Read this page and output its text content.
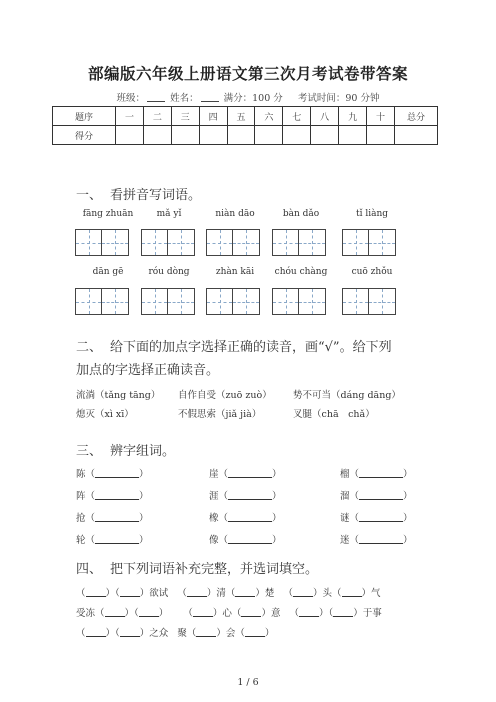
部编版六年级上册语文第三次月考试卷带答案
班级：	姓名：	满分：100 分 考试时间：90 分钟
题序	一	二	三	四	五	六	七	八	九	十	总分
得分											
一、 看拼音写词语。
fāng zhuān	mǎ yǐ	niàn dāo	bàn dǎo	tǐ liàng
dān gē	róu dòng	zhàn kāi	chóu chàng	cuō zhǒu
二、 给下面的加点字选择正确的读音，画“√”。给下列
加点的字选择正确读音。
流淌（tǎng tāng） 自作自受（zuō zuò） 势不可当（dáng dāng）
熄灭（xì xī）	不假思索（jiǎ jià）	叉腿（chā　chǎ）
三、 辨字组词。
陈（	）	崖（	）	榴（	）
阵（	）	涯（	）	溜（	）
抢（	）	橡（	）	谜（	）
轮（	）	像（	）	迷（	）
四、 把下列词语补充完整，并选词填空。
（ ）（ ）欲试 （ ）清（ ）楚 （ ）头（ ）气
受冻（ ）（ ） （ ）心（ ）意 （ ）（ ）于事
（ ）（ ）之众 聚（ ）会（ ）
1 / 6
